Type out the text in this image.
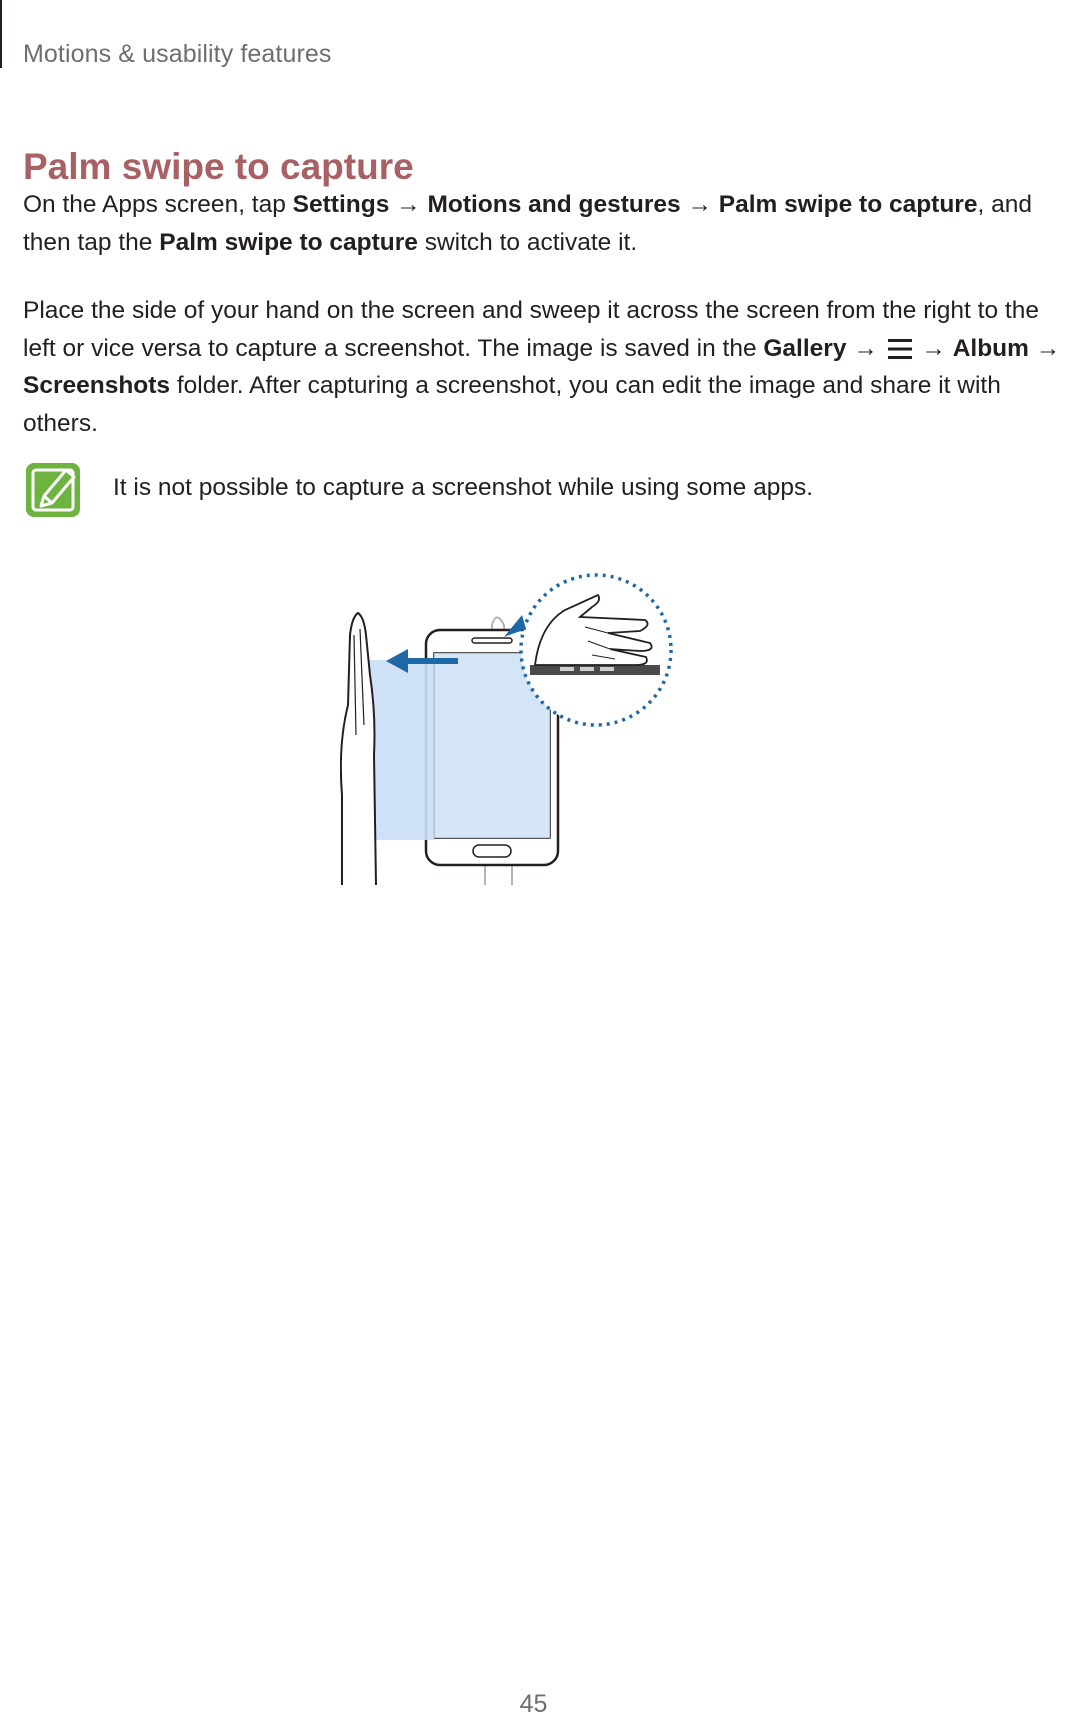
Motions & usability features
Palm swipe to capture
On the Apps screen, tap Settings → Motions and gestures → Palm swipe to capture, and then tap the Palm swipe to capture switch to activate it.
Place the side of your hand on the screen and sweep it across the screen from the right to the left or vice versa to capture a screenshot. The image is saved in the Gallery →  → Album → Screenshots folder. After capturing a screenshot, you can edit the image and share it with others.
It is not possible to capture a screenshot while using some apps.
45
